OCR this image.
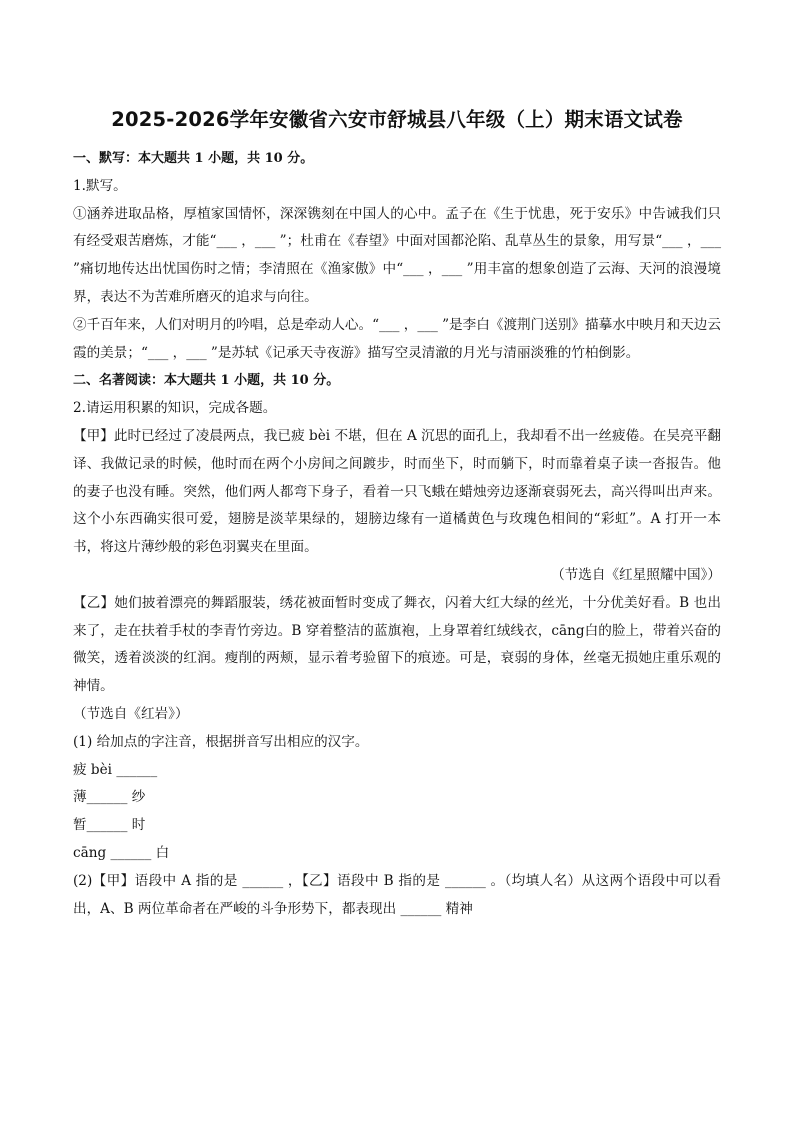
2025-2026学年安徽省六安市舒城县八年级（上）期末语文试卷

一、默写：本大题共 1 小题，共 10 分。

1.默写。

①涵养进取品格，厚植家国情怀，深深镌刻在中国人的心中。孟子在《生于忧患，死于安乐》中告诫我们只有经受艰苦磨炼，才能“___ ，___ ”；杜甫在《春望》中面对国都沦陷、乱草丛生的景象，用写景“___ ，___ ”痛切地传达出忧国伤时之情；李清照在《渔家傲》中“___ ，___ ”用丰富的想象创造了云海、天河的浪漫境界，表达不为苦难所磨灭的追求与向往。

②千百年来，人们对明月的吟唱，总是牵动人心。“___ ，___ ”是李白《渡荆门送别》描摹水中映月和天边云霞的美景；“___ ，___ ”是苏轼《记承天寺夜游》描写空灵清澈的月光与清丽淡雅的竹柏倒影。

二、名著阅读：本大题共 1 小题，共 10 分。

2.请运用积累的知识，完成各题。

【甲】此时已经过了凌晨两点，我已疲 bèi 不堪，但在 A 沉思的面孔上，我却看不出一丝疲倦。在吴亮平翻译、我做记录的时候，他时而在两个小房间之间踱步，时而坐下，时而躺下，时而靠着桌子读一沓报告。他的妻子也没有睡。突然，他们两人都弯下身子，看着一只飞蛾在蜡烛旁边逐渐衰弱死去，高兴得叫出声来。这个小东西确实很可爱，翅膀是淡苹果绿的，翅膀边缘有一道橘黄色与玫瑰色相间的“彩虹”。A 打开一本书，将这片薄纱般的彩色羽翼夹在里面。

（节选自《红星照耀中国》）

【乙】她们披着漂亮的舞蹈服装，绣花被面暂时变成了舞衣，闪着大红大绿的丝光，十分优美好看。B 也出来了，走在扶着手杖的李青竹旁边。B 穿着整洁的蓝旗袍，上身罩着红绒线衣，cāng白的脸上，带着兴奋的微笑，透着淡淡的红润。瘦削的两颊，显示着考验留下的痕迹。可是，衰弱的身体，丝毫无损她庄重乐观的神情。

（节选自《红岩》）

(1) 给加点的字注音，根据拼音写出相应的汉字。

疲 bèi ______

薄______ 纱

暂______ 时

cāng ______ 白

(2)【甲】语段中 A 指的是 ______ ，【乙】语段中 B 指的是 ______ 。（均填人名）从这两个语段中可以看出，A、B 两位革命者在严峻的斗争形势下，都表现出 ______ 精神
